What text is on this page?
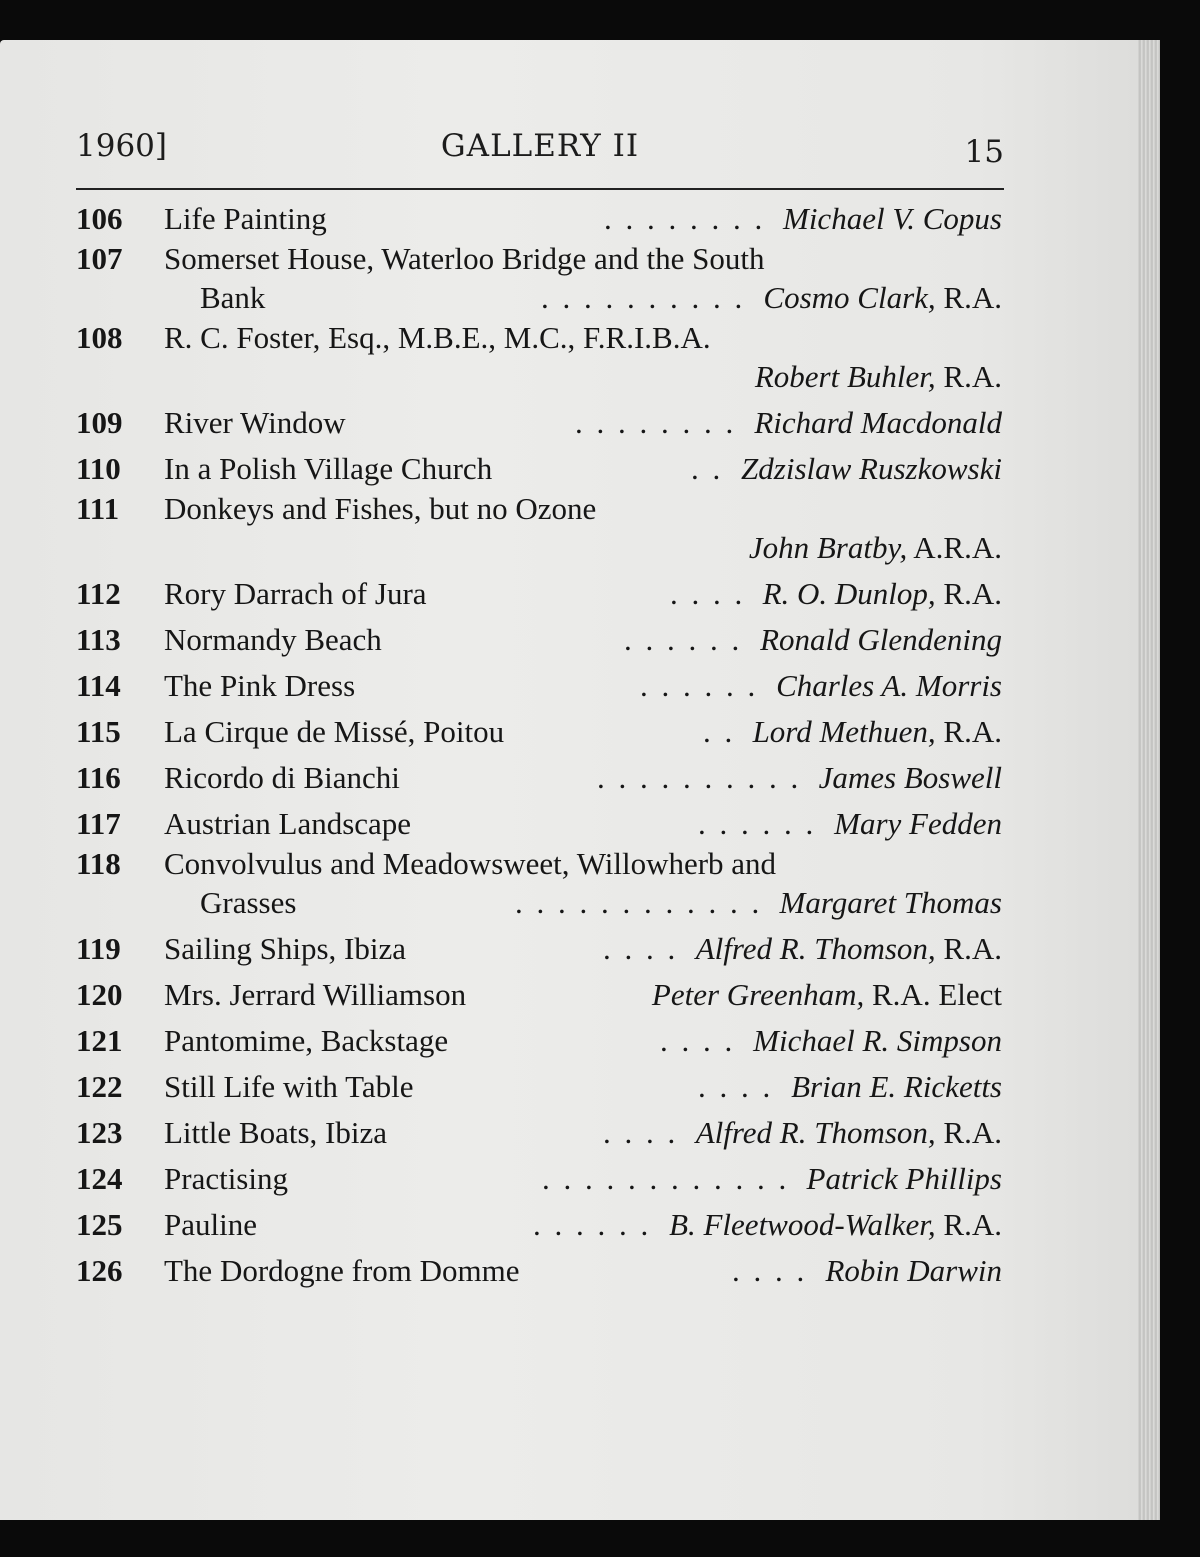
1960]	GALLERY II	15
106 Life Painting	. . . . . . . . Michael V. Copus
107 Somerset House, Waterloo Bridge and the South
Bank	. . . . . . . . . . Cosmo Clark, R.A.
108 R. C. Foster, Esq., M.B.E., M.C., F.R.I.B.A.
Robert Buhler, R.A.
109 River Window	. . . . . . . . Richard Macdonald
110 In a Polish Village Church	. . Zdzislaw Ruszkowski
111 Donkeys and Fishes, but no Ozone
John Bratby, A.R.A.
112 Rory Darrach of Jura	. . . . R. O. Dunlop, R.A.
113 Normandy Beach	. . . . . . Ronald Glendening
114 The Pink Dress	. . . . . . Charles A. Morris
115 La Cirque de Missé, Poitou	. . Lord Methuen, R.A.
116 Ricordo di Bianchi	. . . . . . . . . . James Boswell
117 Austrian Landscape	. . . . . . Mary Fedden
118 Convolvulus and Meadowsweet, Willowherb and
Grasses	. . . . . . . . . . . . Margaret Thomas
119 Sailing Ships, Ibiza	. . . . Alfred R. Thomson, R.A.
120 Mrs. Jerrard Williamson	Peter Greenham, R.A. Elect
121 Pantomime, Backstage	. . . . Michael R. Simpson
122 Still Life with Table	. . . . Brian E. Ricketts
123 Little Boats, Ibiza	. . . . Alfred R. Thomson, R.A.
124 Practising	. . . . . . . . . . . . Patrick Phillips
125 Pauline	. . . . . . B. Fleetwood-Walker, R.A.
126 The Dordogne from Domme	. . . . Robin Darwin
